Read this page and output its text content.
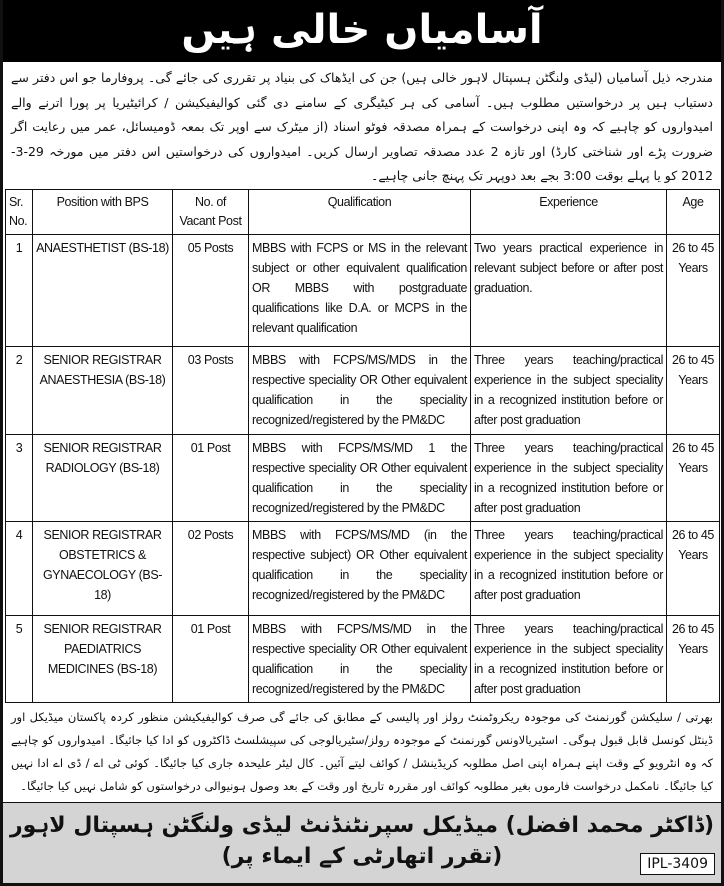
آسامیاں خالی ہیں
مندرجہ ذیل آسامیاں (لیڈی ولنگٹن ہسپتال لاہور خالی ہیں) جن کی ایڈھاک کی بنیاد پر تقرری کی جائے گی۔ پروفارما جو اس دفتر سے دستیاب ہیں پر درخواستیں مطلوب ہیں۔ آسامی کی ہر کیٹیگری کے سامنے دی گئی کوالیفیکیشن / کرائیٹیریا پر پورا اترنے والے امیدواروں کو چاہیے کہ وہ اپنی درخواست کے ہمراہ مصدقہ فوٹو اسناد (از میٹرک سے اوپر تک بمعہ ڈومیسائل، عمر میں رعایت اگر ضرورت پڑے اور شناختی کارڈ) اور تازہ 2 عدد مصدقہ تصاویر ارسال کریں۔ امیدواروں کی درخواستیں اس دفتر میں مورخہ 29-3-2012 کو یا پہلے بوقت 3:00 بجے بعد دوپہر تک پہنچ جانی چاہیے۔
Sr. No.	Position with BPS	No. of Vacant Post	Qualification	Experience	Age
1	ANAESTHETIST (BS-18)	05 Posts	MBBS with FCPS or MS in the relevant subject or other equivalent qualification OR MBBS with postgraduate qualifications like D.A. or MCPS in the relevant qualification	Two years practical experience in relevant subject before or after post graduation.	26 to 45 Years
2	SENIOR REGISTRAR ANAESTHESIA (BS-18)	03 Posts	MBBS with FCPS/MS/MDS in the respective speciality OR Other equivalent qualification in the speciality recognized/registered by the PM&DC	Three years teaching/practical experience in the subject speciality in a recognized institution before or after post graduation	26 to 45 Years
3	SENIOR REGISTRAR RADIOLOGY (BS-18)	01 Post	MBBS with FCPS/MS/MD 1 the respective speciality OR Other equivalent qualification in the speciality recognized/registered by the PM&DC	Three years teaching/practical experience in the subject speciality in a recognized institution before or after post graduation	26 to 45 Years
4	SENIOR REGISTRAR OBSTETRICS & GYNAECOLOGY (BS-18)	02 Posts	MBBS with FCPS/MS/MD (in the respective subject) OR Other equivalent qualification in the speciality recognized/registered by the PM&DC	Three years teaching/practical experience in the subject speciality in a recognized institution before or after post graduation	26 to 45 Years
5	SENIOR REGISTRAR PAEDIATRICS MEDICINES (BS-18)	01 Post	MBBS with FCPS/MS/MD in the respective speciality OR Other equivalent qualification in the speciality recognized/registered by the PM&DC	Three years teaching/practical experience in the subject speciality in a recognized institution before or after post graduation	26 to 45 Years
بھرتی / سلیکشن گورنمنٹ کی موجودہ ریکروٹمنٹ رولز اور پالیسی کے مطابق کی جائے گی صرف کوالیفیکیشن منظور کردہ پاکستان میڈیکل اور ڈینٹل کونسل قابل قبول ہوگی۔ اسٹیریالاونس گورنمنٹ کے موجودہ رولز/سٹیریالوجی کی سپیشلسٹ ڈاکٹروں کو ادا کیا جائیگا۔ امیدواروں کو چاہیے کہ وہ انٹرویو کے وقت اپنے ہمراہ اپنی اصل مطلوبہ کریڈینشل / کوائف لیتے آئیں۔ کال لیٹر علیحدہ جاری کیا جائیگا۔ کوئی ٹی اے / ڈی اے ادا نہیں کیا جائیگا۔ نامکمل درخواست فارموں بغیر مطلوبہ کوائف اور مقررہ تاریخ اور وقت کے بعد وصول ہونیوالی درخواستوں کو شامل نہیں کیا جائیگا۔
(ڈاکٹر محمد افضل) میڈیکل سپرنٹنڈنٹ لیڈی ولنگٹن ہسپتال لاہور
(تقرر اتھارٹی کے ایماء پر)	IPL-3409
